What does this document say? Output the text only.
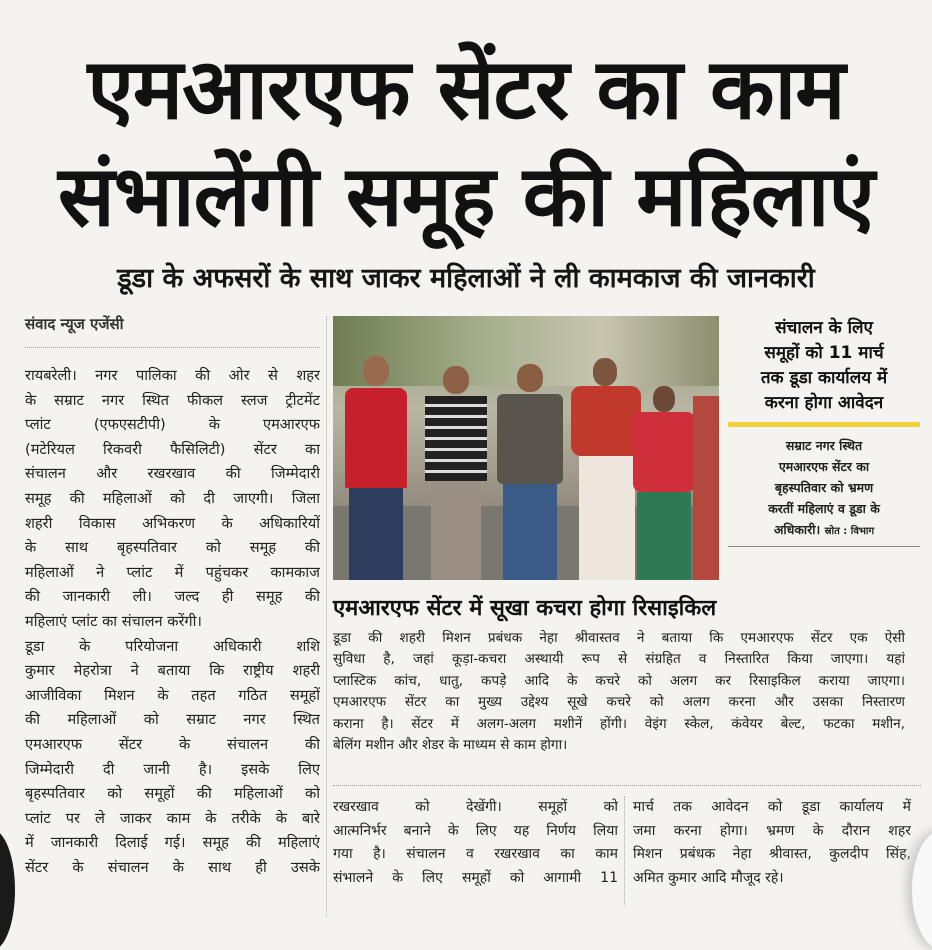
एमआरएफ सेंटर का काम
संभालेंगी समूह की महिलाएं
डूडा के अफसरों के साथ जाकर महिलाओं ने ली कामकाज की जानकारी
संवाद न्यूज एजेंसी
रायबरेली। नगर पालिका की ओर से शहर
के सम्राट नगर स्थित फीकल स्लज ट्रीटमेंट
प्लांट (एफएसटीपी) के एमआरएफ
(मटेरियल रिकवरी फैसिलिटी) सेंटर का
संचालन और रखरखाव की जिम्मेदारी
समूह की महिलाओं को दी जाएगी। जिला
शहरी विकास अभिकरण के अधिकारियों
के साथ बृहस्पतिवार को समूह की
महिलाओं ने प्लांट में पहुंचकर कामकाज
की जानकारी ली। जल्द ही समूह की
महिलाएं प्लांट का संचालन करेंगी।
डूडा के परियोजना अधिकारी शशि
कुमार मेहरोत्रा ने बताया कि राष्ट्रीय शहरी
आजीविका मिशन के तहत गठित समूहों
की महिलाओं को सम्राट नगर स्थित
एमआरएफ सेंटर के संचालन की
जिम्मेदारी दी जानी है। इसके लिए
बृहस्पतिवार को समूहों की महिलाओं को
प्लांट पर ले जाकर काम के तरीके के बारे
में जानकारी दिलाई गई। समूह की महिलाएं
सेंटर के संचालन के साथ ही उसके
संचालन के लिए
समूहों को 11 मार्च
तक डूडा कार्यालय में
करना होगा आवेदन
सम्राट नगर स्थित
एमआरएफ सेंटर का
बृहस्पतिवार को भ्रमण
करतीं महिलाएं व डूडा के
अधिकारी। स्रोत : विभाग
एमआरएफ सेंटर में सूखा कचरा होगा रिसाइकिल
डूडा की शहरी मिशन प्रबंधक नेहा श्रीवास्तव ने बताया कि एमआरएफ सेंटर एक ऐसी
सुविधा है, जहां कूड़ा-कचरा अस्थायी रूप से संग्रहित व निस्तारित किया जाएगा। यहां
प्लास्टिक कांच, धातु, कपड़े आदि के कचरे को अलग कर रिसाइकिल कराया जाएगा।
एमआरएफ सेंटर का मुख्य उद्देश्य सूखे कचरे को अलग करना और उसका निस्तारण
कराना है। सेंटर में अलग-अलग मशीनें होंगी। वेइंग स्केल, कंवेयर बेल्ट, फटका मशीन,
बेलिंग मशीन और शेडर के माध्यम से काम होगा।
रखरखाव को देखेंगी। समूहों को
आत्मनिर्भर बनाने के लिए यह निर्णय लिया
गया है। संचालन व रखरखाव का काम
संभालने के लिए समूहों को आगामी 11
मार्च तक आवेदन को डूडा कार्यालय में
जमा करना होगा। भ्रमण के दौरान शहर
मिशन प्रबंधक नेहा श्रीवास्त, कुलदीप सिंह,
अमित कुमार आदि मौजूद रहे।
